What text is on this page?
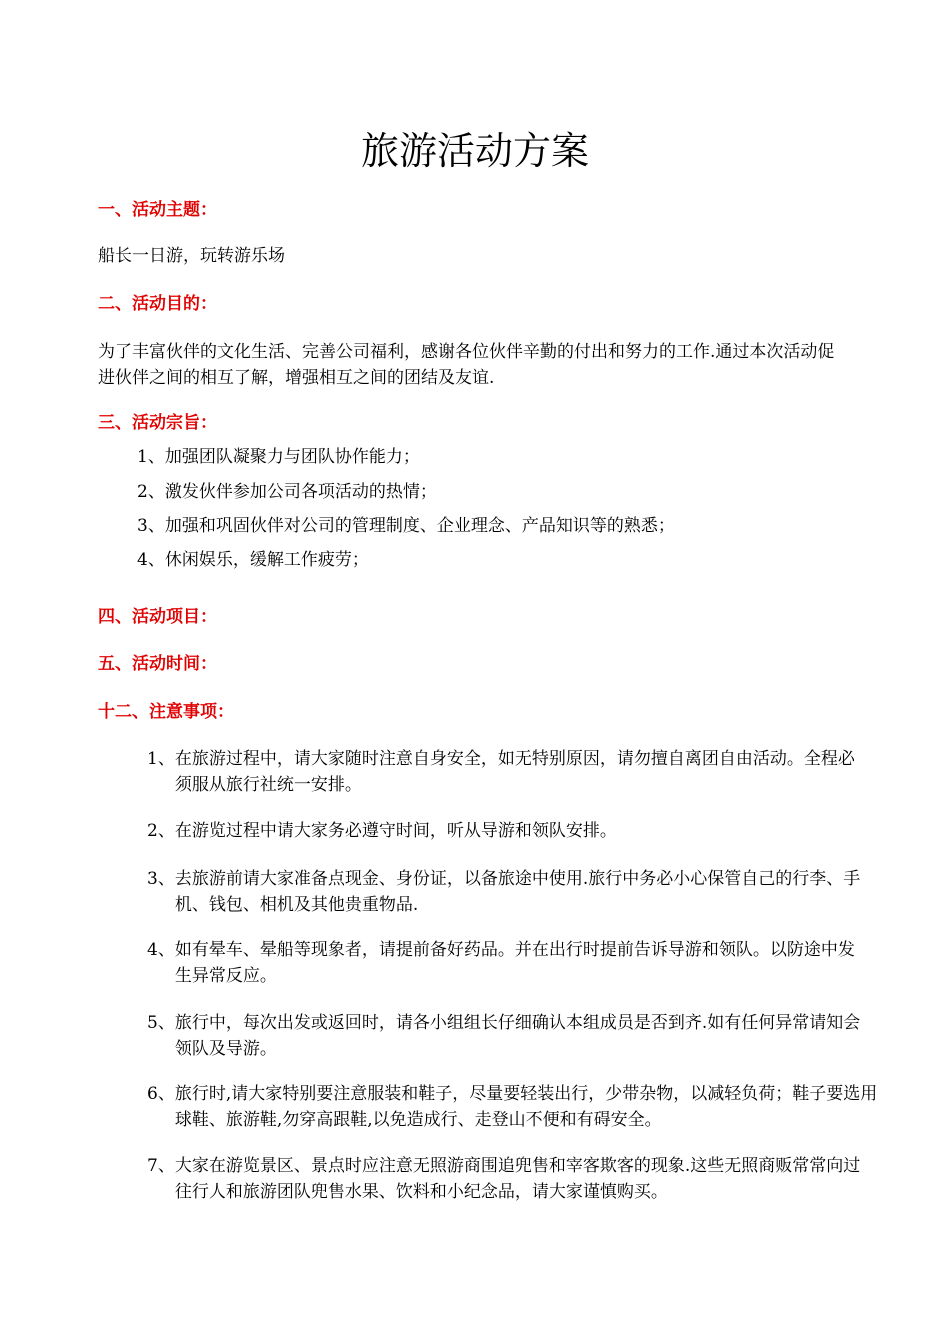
旅游活动方案
一、活动主题：
船长一日游，玩转游乐场
二、活动目的：
为了丰富伙伴的文化生活、完善公司福利，感谢各位伙伴辛勤的付出和努力的工作.通过本次活动促进伙伴之间的相互了解，增强相互之间的团结及友谊.
三、活动宗旨：
1、加强团队凝聚力与团队协作能力；
2、激发伙伴参加公司各项活动的热情；
3、加强和巩固伙伴对公司的管理制度、企业理念、产品知识等的熟悉；
4、休闲娱乐，缓解工作疲劳；
四、活动项目：
五、活动时间：
十二、注意事项：
1、 在旅游过程中，请大家随时注意自身安全，如无特别原因，请勿擅自离团自由活动。全程必须服从旅行社统一安排。
2、 在游览过程中请大家务必遵守时间，听从导游和领队安排。
3、 去旅游前请大家准备点现金、身份证，以备旅途中使用.旅行中务必小心保管自己的行李、手机、钱包、相机及其他贵重物品.
4、 如有晕车、晕船等现象者，请提前备好药品。并在出行时提前告诉导游和领队。以防途中发生异常反应。
5、 旅行中，每次出发或返回时，请各小组组长仔细确认本组成员是否到齐.如有任何异常请知会领队及导游。
6、 旅行时,请大家特别要注意服装和鞋子，尽量要轻装出行，少带杂物，以减轻负荷；鞋子要选用球鞋、旅游鞋,勿穿高跟鞋,以免造成行、走登山不便和有碍安全。
7、 大家在游览景区、景点时应注意无照游商围追兜售和宰客欺客的现象.这些无照商贩常常向过往行人和旅游团队兜售水果、饮料和小纪念品，请大家谨慎购买。
